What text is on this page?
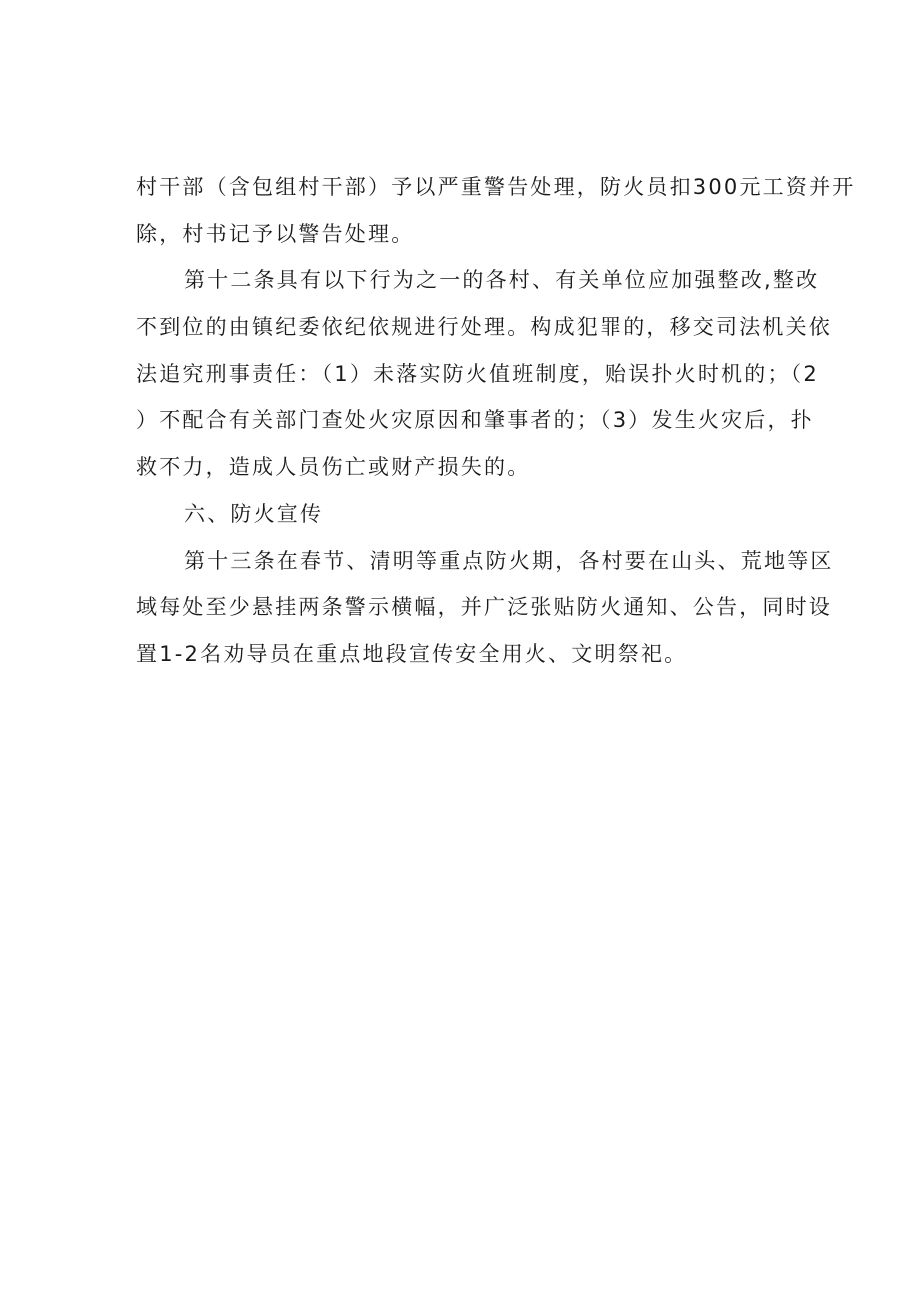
村干部（含包组村干部）予以严重警告处理，防火员扣300元工资并开
除，村书记予以警告处理。
第十二条具有以下行为之一的各村、有关单位应加强整改,整改
不到位的由镇纪委依纪依规进行处理。构成犯罪的，移交司法机关依
法追究刑事责任：（1）未落实防火值班制度，贻误扑火时机的；（2
）不配合有关部门查处火灾原因和肇事者的；（3）发生火灾后，扑
救不力，造成人员伤亡或财产损失的。
六、防火宣传
第十三条在春节、清明等重点防火期，各村要在山头、荒地等区
域每处至少悬挂两条警示横幅，并广泛张贴防火通知、公告，同时设
置1-2名劝导员在重点地段宣传安全用火、文明祭祀。
